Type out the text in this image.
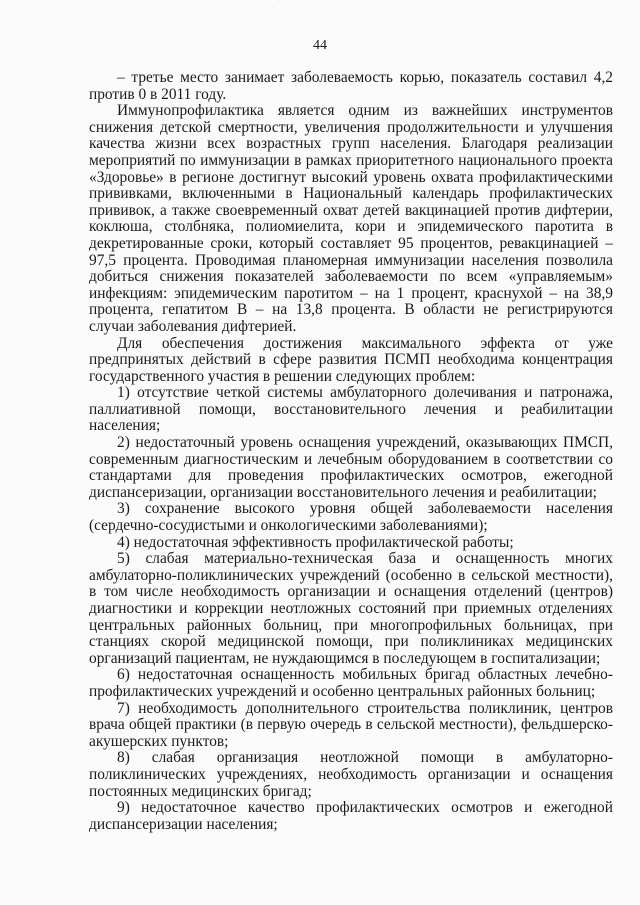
˙ ˙ ˙
44

– третье место занимает заболеваемость корью, показатель составил 4,2 против 0 в 2011 году.

Иммунопрофилактика является одним из важнейших инструментов снижения детской смертности, увеличения продолжительности и улучшения качества жизни всех возрастных групп населения. Благодаря реализации мероприятий по иммунизации в рамках приоритетного национального проекта «Здоровье» в регионе достигнут высокий уровень охвата профилактическими прививками, включенными в Национальный календарь профилактических прививок, а также своевременный охват детей вакцинацией против дифтерии, коклюша, столбняка, полиомиелита, кори и эпидемического паротита в декретированные сроки, который составляет 95 процентов, ревакцинацией – 97,5 процента. Проводимая планомерная иммунизации населения позволила добиться снижения показателей заболеваемости по всем «управляемым» инфекциям: эпидемическим паротитом – на 1 процент, краснухой – на 38,9 процента, гепатитом В – на 13,8 процента. В области не регистрируются случаи заболевания дифтерией.

Для обеспечения достижения максимального эффекта от уже предпринятых действий в сфере развития ПСМП необходима концентрация государственного участия в решении следующих проблем:

1) отсутствие четкой системы амбулаторного долечивания и патронажа, паллиативной помощи, восстановительного лечения и реабилитации населения;

2) недостаточный уровень оснащения учреждений, оказывающих ПМСП, современным диагностическим и лечебным оборудованием в соответствии со стандартами для проведения профилактических осмотров, ежегодной диспансеризации, организации восстановительного лечения и реабилитации;

3) сохранение высокого уровня общей заболеваемости населения (сердечно-сосудистыми и онкологическими заболеваниями);

4) недостаточная эффективность профилактической работы;

5) слабая материально-техническая база и оснащенность многих амбулаторно-поликлинических учреждений (особенно в сельской местности), в том числе необходимость организации и оснащения отделений (центров) диагностики и коррекции неотложных состояний при приемных отделениях центральных районных больниц, при многопрофильных больницах, при станциях скорой медицинской помощи, при поликлиниках медицинских организаций пациентам, не нуждающимся в последующем в госпитализации;

6) недостаточная оснащенность мобильных бригад областных лечебно-профилактических учреждений и особенно центральных районных больниц;

7) необходимость дополнительного строительства поликлиник, центров врача общей практики (в первую очередь в сельской местности), фельдшерско-акушерских пунктов;

8) слабая организация неотложной помощи в амбулаторно-поликлинических учреждениях, необходимость организации и оснащения постоянных медицинских бригад;

9) недостаточное качество профилактических осмотров и ежегодной диспансеризации населения;
